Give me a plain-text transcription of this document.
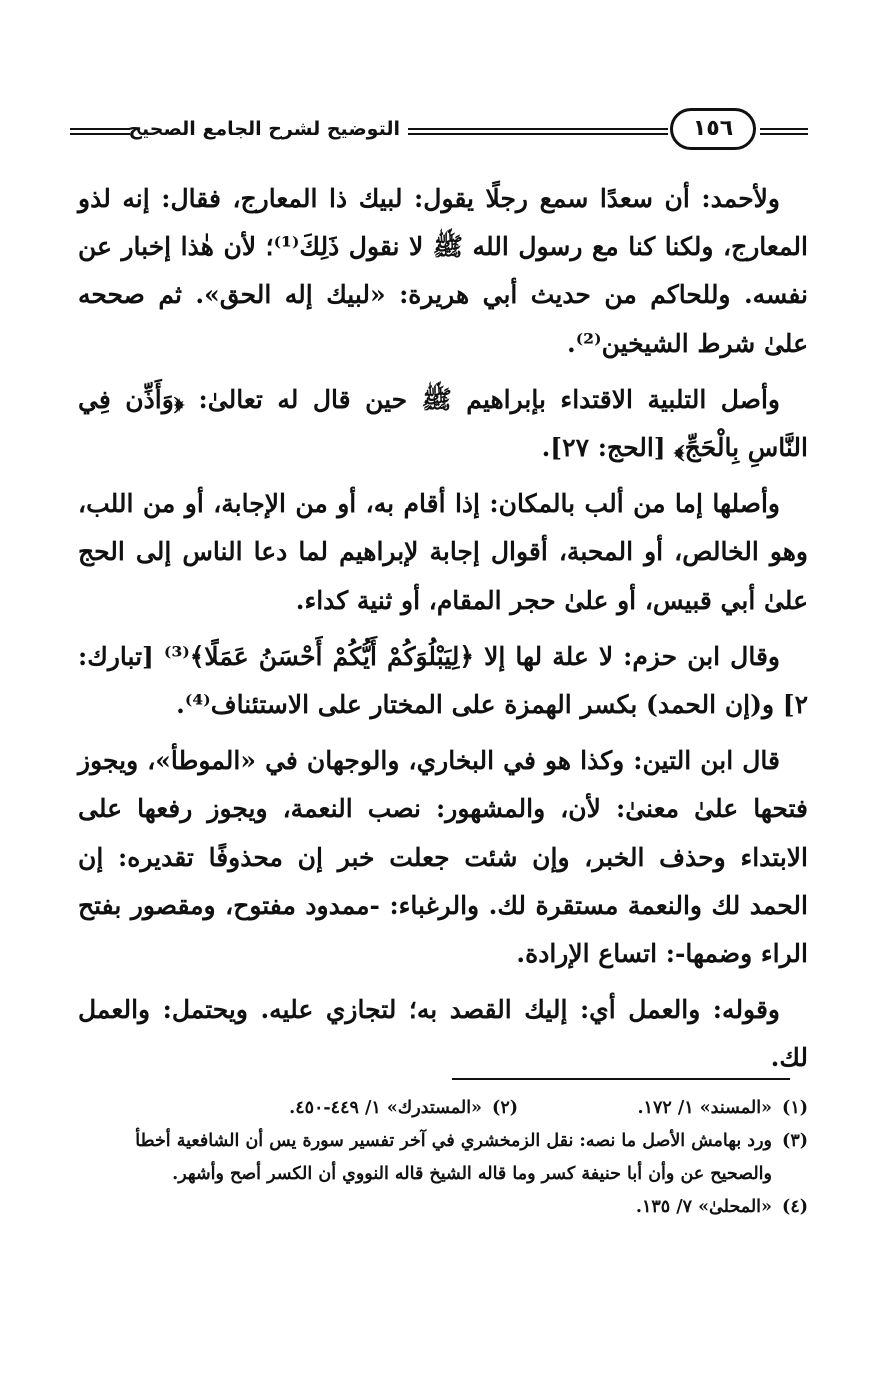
التوضيح لشرح الجامع الصحيح	١٥٦

ولأحمد: أن سعدًا سمع رجلًا يقول: لبيك ذا المعارج، فقال: إنه لذو المعارج، ولكنا كنا مع رسول الله ﷺ لا نقول ذَلِكَ⁽¹⁾؛ لأن هٰذا إخبار عن نفسه. وللحاكم من حديث أبي هريرة: «لبيك إله الحق». ثم صححه علىٰ شرط الشيخين⁽²⁾.

وأصل التلبية الاقتداء بإبراهيم ﷺ حين قال له تعالىٰ: ﴿وَأَذِّن فِي النَّاسِ بِالْحَجِّ﴾ [الحج: ٢٧].

وأصلها إما من ألب بالمكان: إذا أقام به، أو من الإجابة، أو من اللب، وهو الخالص، أو المحبة، أقوال إجابة لإبراهيم لما دعا الناس إلى الحج علىٰ أبي قبيس، أو علىٰ حجر المقام، أو ثنية كداء.

وقال ابن حزم: لا علة لها إلا ﴿لِيَبْلُوَكُمْ أَيُّكُمْ أَحْسَنُ عَمَلًا﴾⁽³⁾ [تبارك: ٢] و(إن الحمد) بكسر الهمزة على المختار على الاستئناف⁽⁴⁾.

قال ابن التين: وكذا هو في البخاري، والوجهان في «الموطأ»، ويجوز فتحها علىٰ معنىٰ: لأن، والمشهور: نصب النعمة، ويجوز رفعها على الابتداء وحذف الخبر، وإن شئت جعلت خبر إن محذوفًا تقديره: إن الحمد لك والنعمة مستقرة لك. والرغباء: -ممدود مفتوح، ومقصور بفتح الراء وضمها-: اتساع الإرادة.

وقوله: والعمل أي: إليك القصد به؛ لتجازي عليه. ويحتمل: والعمل لك.

(١)
«المسند» ١/ ١٧٢.
(٢)
«المستدرك» ١/ ٤٤٩-٤٥٠.
(٣)
ورد بهامش الأصل ما نصه: نقل الزمخشري في آخر تفسير سورة يس أن الشافعية أخطأ والصحيح عن وأن أبا حنيفة كسر وما قاله الشيخ قاله النووي أن الكسر أصح وأشهر.
(٤)
«المحلىٰ» ٧/ ١٣٥.
